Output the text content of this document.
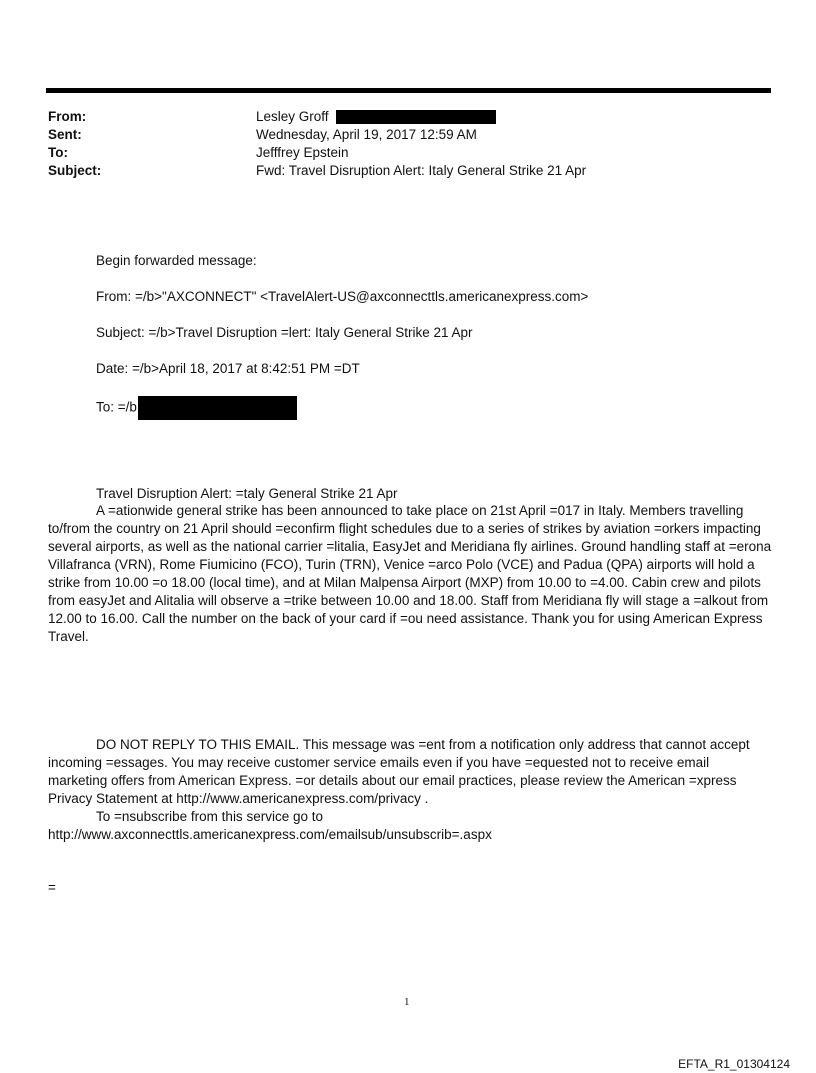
From:	Lesley Groff
Sent:	Wednesday, April 19, 2017 12:59 AM
To:	Jefffrey Epstein
Subject:	Fwd: Travel Disruption Alert: Italy General Strike 21 Apr
Begin forwarded message:
From: =/b>"AXCONNECT" <TravelAlert-US@axconnecttls.americanexpress.com>
Subject: =/b>Travel Disruption =lert: Italy General Strike 21 Apr
Date: =/b>April 18, 2017 at 8:42:51 PM =DT
To: =/b
Travel Disruption Alert: =taly General Strike 21 Apr
A =ationwide general strike has been announced to take place on 21st April =017 in Italy. Members travelling to/from the country on 21 April should =econfirm flight schedules due to a series of strikes by aviation =orkers impacting several airports, as well as the national carrier =litalia, EasyJet and Meridiana fly airlines. Ground handling staff at =erona Villafranca (VRN), Rome Fiumicino (FCO), Turin (TRN), Venice =arco Polo (VCE) and Padua (QPA) airports will hold a strike from 10.00 =o 18.00 (local time), and at Milan Malpensa Airport (MXP) from 10.00 to =4.00. Cabin crew and pilots from easyJet and Alitalia will observe a =trike between 10.00 and 18.00. Staff from Meridiana fly will stage a =alkout from 12.00 to 16.00. Call the number on the back of your card if =ou need assistance. Thank you for using American Express Travel.
DO NOT REPLY TO THIS EMAIL. This message was =ent from a notification only address that cannot accept incoming =essages. You may receive customer service emails even if you have =equested not to receive email marketing offers from American Express. =or details about our email practices, please review the American =xpress Privacy Statement at http://www.americanexpress.com/privacy .
To =nsubscribe from this service go to
http://www.axconnecttls.americanexpress.com/emailsub/unsubscrib=.aspx
=
1
EFTA_R1_01304124
